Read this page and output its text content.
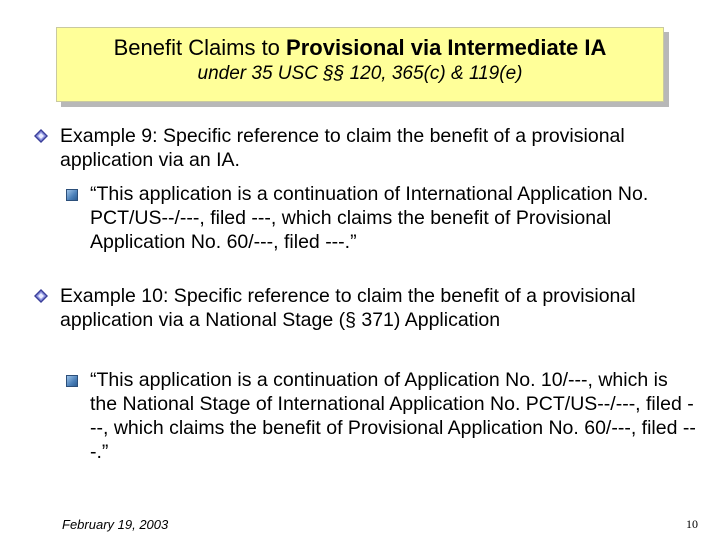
Benefit Claims to Provisional via Intermediate IA
under 35 USC §§ 120, 365(c) & 119(e)
Example 9: Specific reference to claim the benefit of a provisional application via an IA.
“This application is a continuation of International Application No. PCT/US--/---, filed ---, which claims the benefit of Provisional Application No. 60/---, filed ---.”
Example 10: Specific reference to claim the benefit of a provisional application via a National Stage (§ 371) Application
“This application is a continuation of Application No. 10/---, which is the National Stage of International Application No. PCT/US--/---, filed ---, which claims the benefit of Provisional Application No. 60/---, filed ---.”
February 19, 2003	10
